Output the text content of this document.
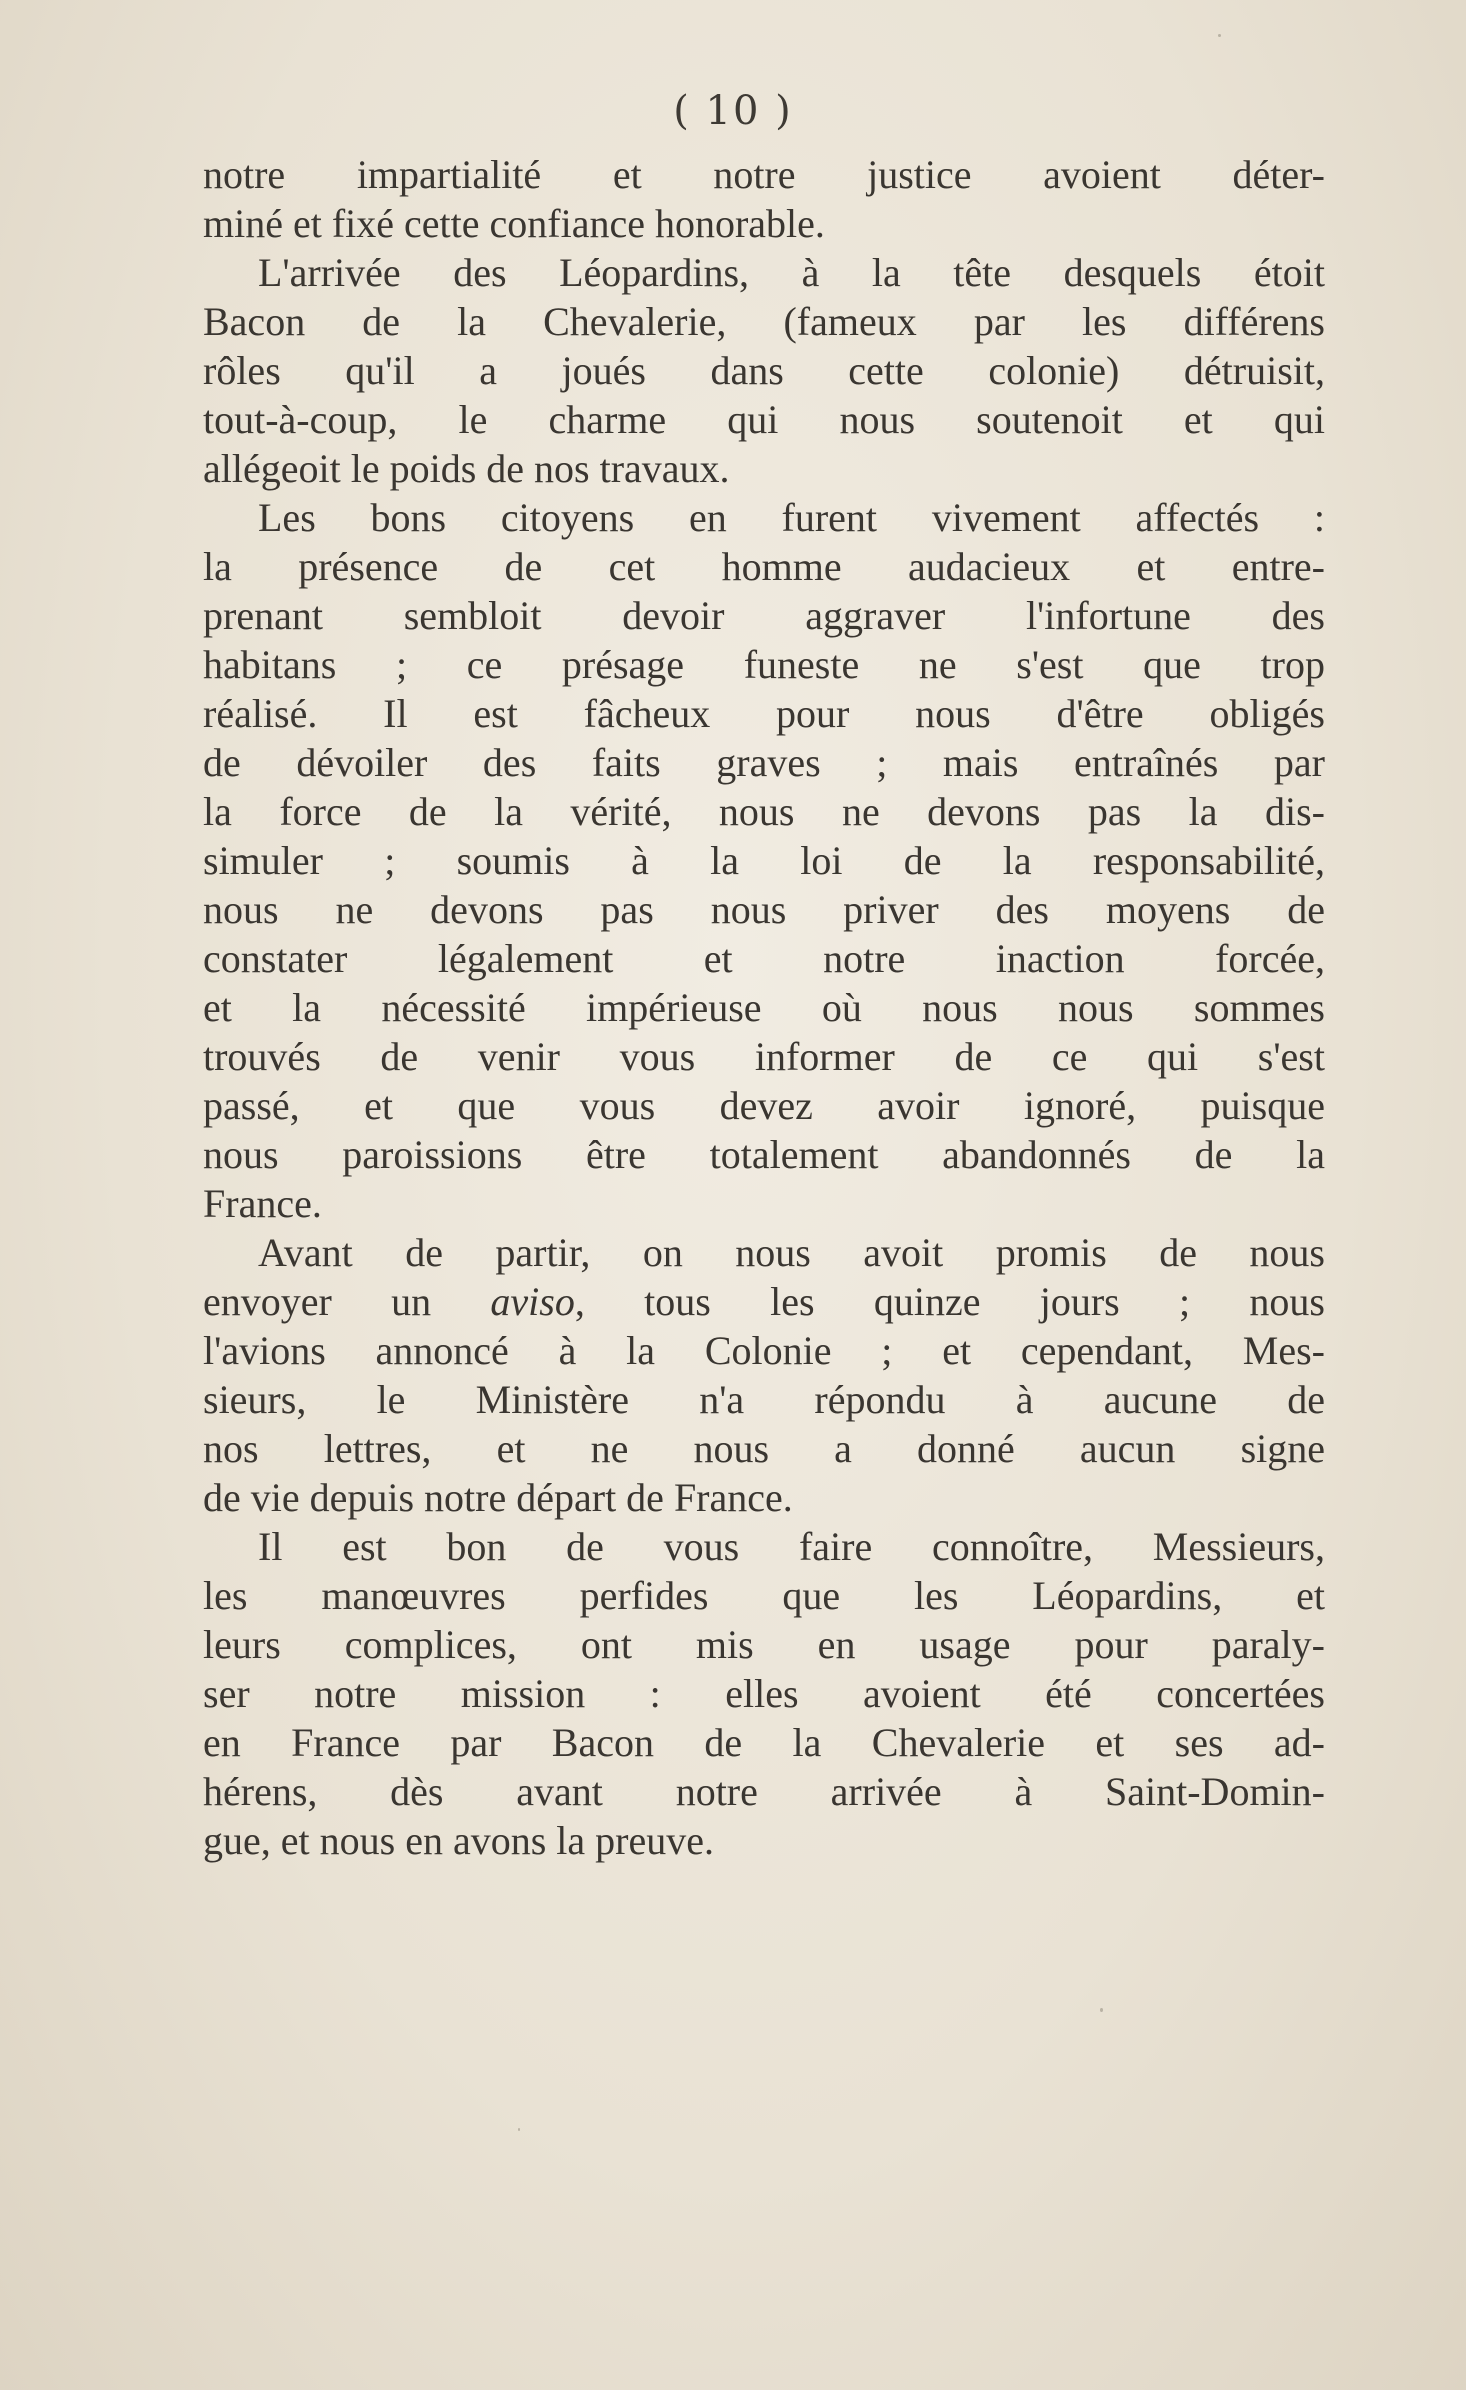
( 10 )
notre impartialité et notre justice avoient déter-
miné et fixé cette confiance honorable.
L'arrivée des Léopardins, à la tête desquels étoit
Bacon de la Chevalerie, (fameux par les différens
rôles qu'il a joués dans cette colonie) détruisit,
tout-à-coup, le charme qui nous soutenoit et qui
allégeoit le poids de nos travaux.
Les bons citoyens en furent vivement affectés :
la présence de cet homme audacieux et entre-
prenant sembloit devoir aggraver l'infortune des
habitans ; ce présage funeste ne s'est que trop
réalisé. Il est fâcheux pour nous d'être obligés
de dévoiler des faits graves ; mais entraînés par
la force de la vérité, nous ne devons pas la dis-
simuler ; soumis à la loi de la responsabilité,
nous ne devons pas nous priver des moyens de
constater légalement et notre inaction forcée,
et la nécessité impérieuse où nous nous sommes
trouvés de venir vous informer de ce qui s'est
passé, et que vous devez avoir ignoré, puisque
nous paroissions être totalement abandonnés de la
France.
Avant de partir, on nous avoit promis de nous
envoyer un aviso, tous les quinze jours ; nous
l'avions annoncé à la Colonie ; et cependant, Mes-
sieurs, le Ministère n'a répondu à aucune de
nos lettres, et ne nous a donné aucun signe
de vie depuis notre départ de France.
Il est bon de vous faire connoître, Messieurs,
les manœuvres perfides que les Léopardins, et
leurs complices, ont mis en usage pour paraly-
ser notre mission : elles avoient été concertées
en France par Bacon de la Chevalerie et ses ad-
hérens, dès avant notre arrivée à Saint-Domin-
gue, et nous en avons la preuve.
